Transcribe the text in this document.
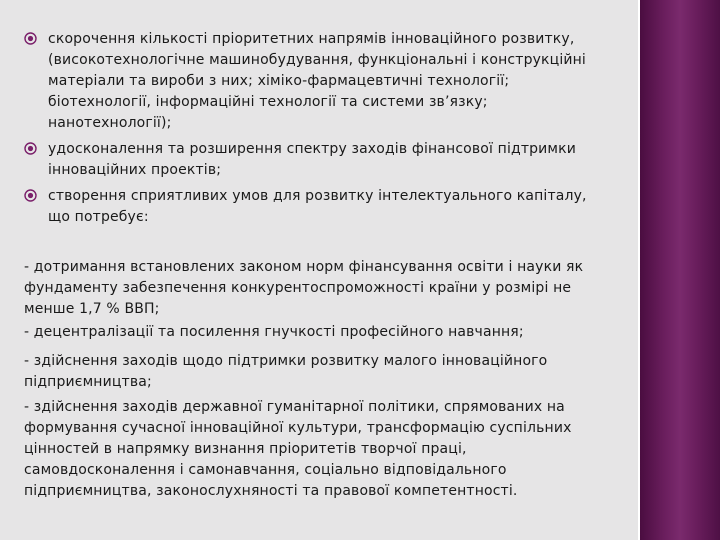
скорочення кількості пріоритетних напрямів інноваційного розвитку,
(високотехнологічне машинобудування, функціональні і конструкційні
матеріали та вироби з них; хіміко-фармацевтичні технології;
біотехнології, інформаційні технології та системи зв’язку;
нанотехнології);
удосконалення та розширення спектру заходів фінансової підтримки
інноваційних проектів;
створення сприятливих умов для розвитку інтелектуального капіталу,
що потребує:
- дотримання встановлених законом норм фінансування освіти і науки як
фундаменту забезпечення конкурентоспроможності країни у розмірі не
менше 1,7 % ВВП;
- децентралізації та посилення гнучкості професійного навчання;
- здійснення заходів щодо підтримки розвитку малого інноваційного
підприємництва;
- здійснення заходів державної гуманітарної політики, спрямованих на
формування сучасної інноваційної культури, трансформацію суспільних
цінностей в напрямку визнання пріоритетів творчої праці,
самовдосконалення і самонавчання, соціально відповідального
підприємництва, законослухняності та правової компетентності.
